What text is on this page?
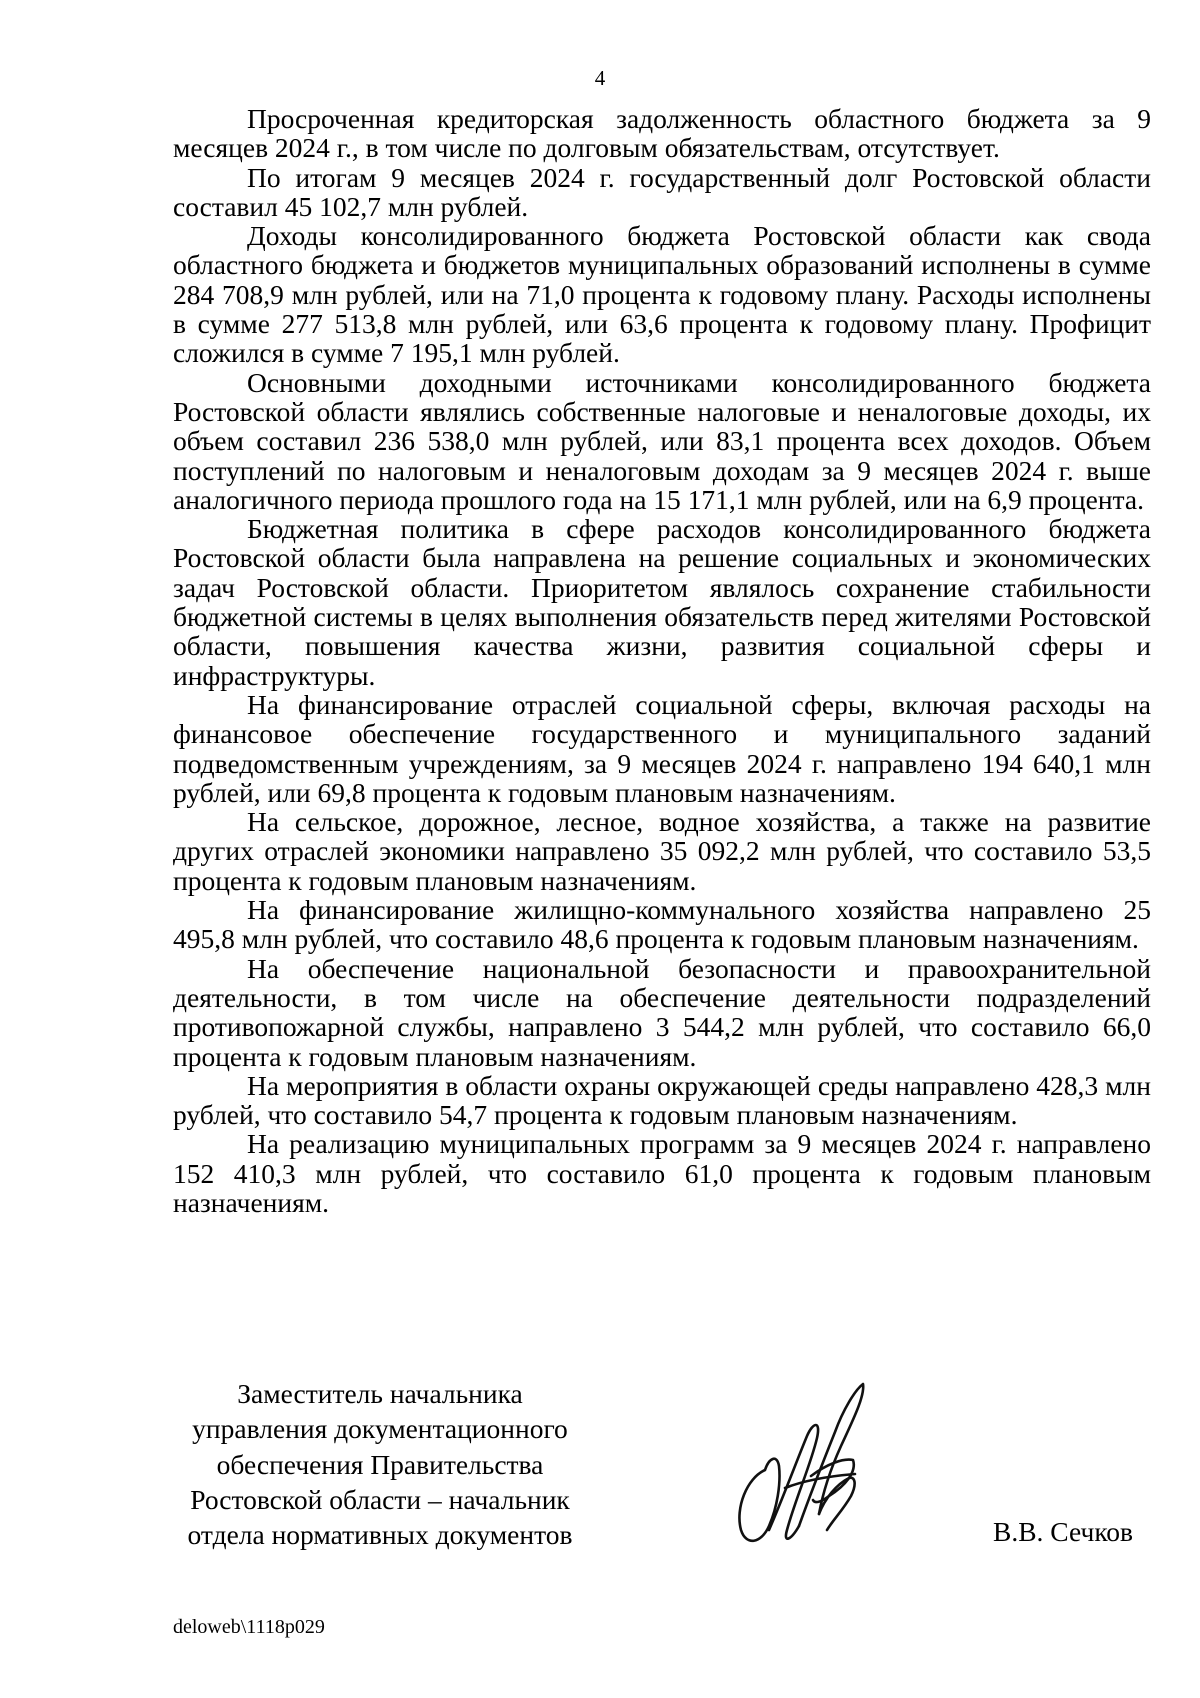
4

Просроченная кредиторская задолженность областного бюджета за 9 месяцев 2024 г., в том числе по долговым обязательствам, отсутствует.

По итогам 9 месяцев 2024 г. государственный долг Ростовской области составил 45 102,7 млн рублей.

Доходы консолидированного бюджета Ростовской области как свода областного бюджета и бюджетов муниципальных образований исполнены в сумме 284 708,9 млн рублей, или на 71,0 процента к годовому плану. Расходы исполнены в сумме 277 513,8 млн рублей, или 63,6 процента к годовому плану. Профицит сложился в сумме 7 195,1 млн рублей.

Основными доходными источниками консолидированного бюджета Ростовской области являлись собственные налоговые и неналоговые доходы, их объем составил 236 538,0 млн рублей, или 83,1 процента всех доходов. Объем поступлений по налоговым и неналоговым доходам за 9 месяцев 2024 г. выше аналогичного периода прошлого года на 15 171,1 млн рублей, или на 6,9 процента.

Бюджетная политика в сфере расходов консолидированного бюджета Ростовской области была направлена на решение социальных и экономических задач Ростовской области. Приоритетом являлось сохранение стабильности бюджетной системы в целях выполнения обязательств перед жителями Ростовской области, повышения качества жизни, развития социальной сферы и инфраструктуры.

На финансирование отраслей социальной сферы, включая расходы на финансовое обеспечение государственного и муниципального заданий подведомственным учреждениям, за 9 месяцев 2024 г. направлено 194 640,1 млн рублей, или 69,8 процента к годовым плановым назначениям.

На сельское, дорожное, лесное, водное хозяйства, а также на развитие других отраслей экономики направлено 35 092,2 млн рублей, что составило 53,5 процента к годовым плановым назначениям.

На финансирование жилищно-коммунального хозяйства направлено 25 495,8 млн рублей, что составило 48,6 процента к годовым плановым назначениям.

На обеспечение национальной безопасности и правоохранительной деятельности, в том числе на обеспечение деятельности подразделений противопожарной службы, направлено 3 544,2 млн рублей, что составило 66,0 процента к годовым плановым назначениям.

На мероприятия в области охраны окружающей среды направлено 428,3 млн рублей, что составило 54,7 процента к годовым плановым назначениям.

На реализацию муниципальных программ за 9 месяцев 2024 г. направлено 152 410,3 млн рублей, что составило 61,0 процента к годовым плановым назначениям.

Заместитель начальника
управления документационного
обеспечения Правительства
Ростовской области – начальник
отдела нормативных документов	В.В. Сечков
deloweb\1118p029
